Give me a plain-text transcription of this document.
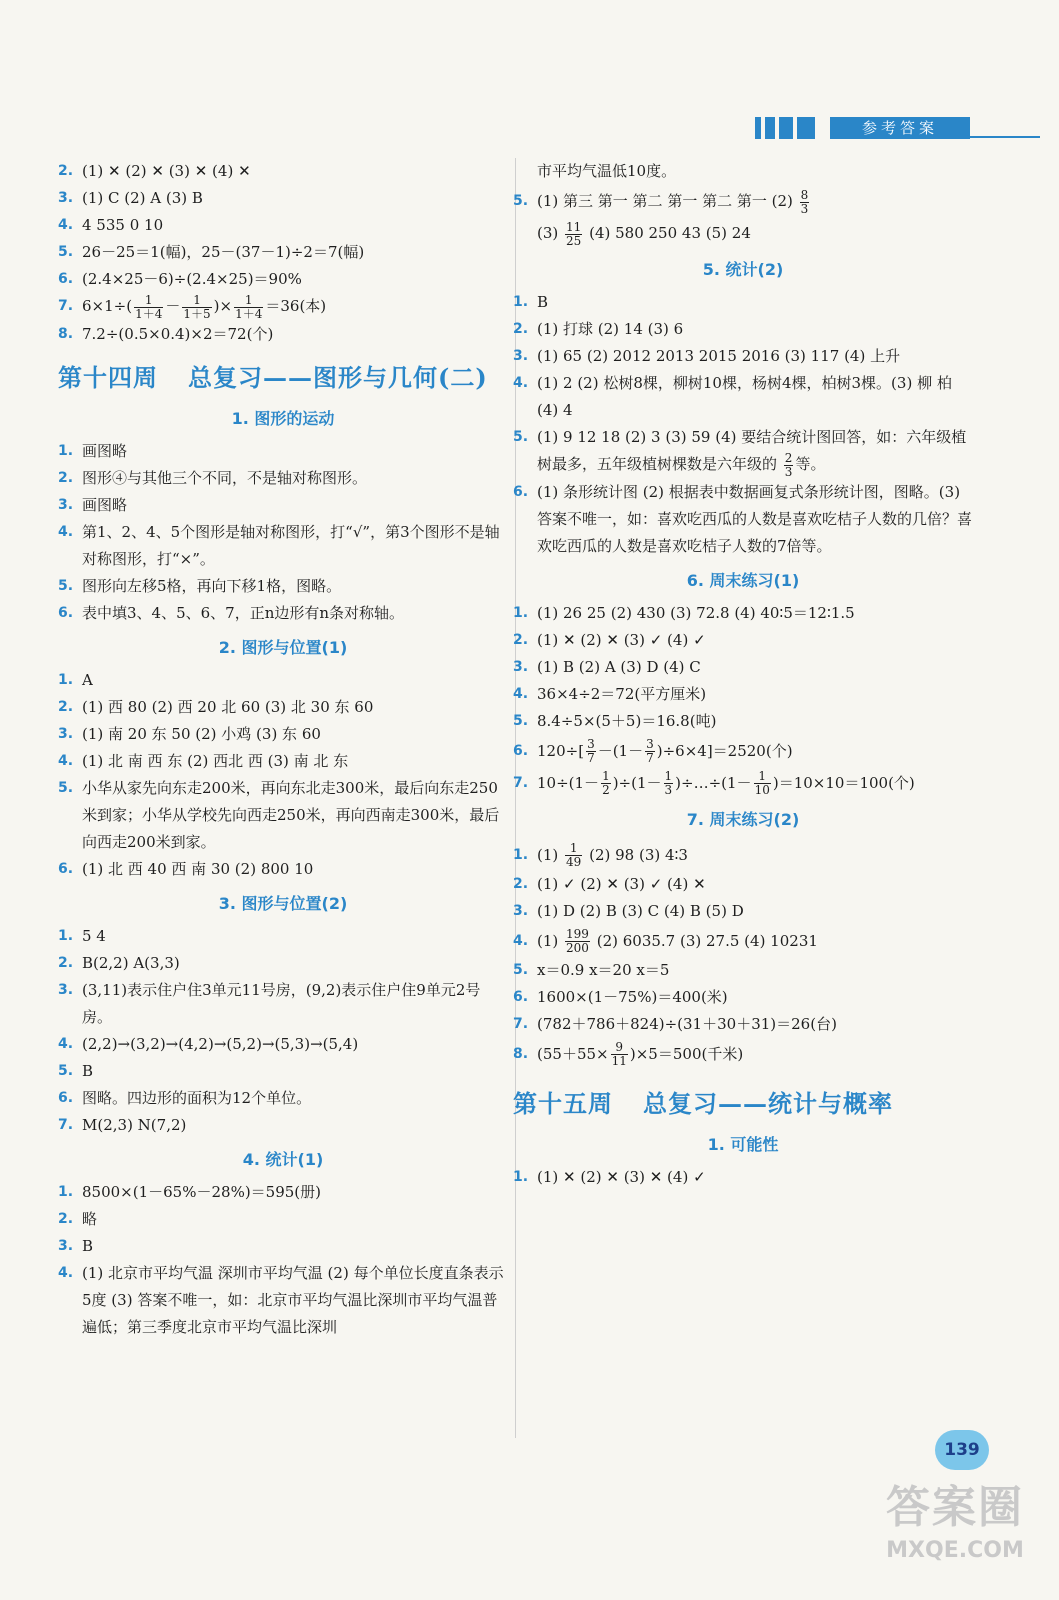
参考答案
2. (1) ✕ (2) ✕ (3) ✕ (4) ✕
3. (1) C (2) A (3) B
4. 4 535 0 10
5. 26－25＝1(幅)，25－(37－1)÷2＝7(幅)
6. (2.4×25－6)÷(2.4×25)＝90%
7. $6\times 1\div( \frac{1}{1+4} - \frac{1}{1+5}$ )× $\frac{1}{1+4} =36$(本)
8. 7.2÷(0.5×0.4)×2＝72(个)
第十四周 总复习——图形与几何(二)
1. 图形的运动
1. 画图略
2. 图形④与其他三个不同，不是轴对称图形。
3. 画图略
4. 第1、2、4、5个图形是轴对称图形，打“√”，第3个图形不是轴对称图形，打“×”。
5. 图形向左移5格，再向下移1格，图略。
6. 表中填3、4、5、6、7，正n边形有n条对称轴。
2. 图形与位置(1)
1. A
2. (1) 西 80 (2) 西 20 北 60 (3) 北 30 东 60
3. (1) 南 20 东 50 (2) 小鸡 (3) 东 60
4. (1) 北 南 西 东 (2) 西北 西 (3) 南 北 东
5. 小华从家先向东走200米，再向东北走300米，最后向东走250米到家；小华从学校先向西走250米，再向西南走300米，最后向西走200米到家。
6. (1) 北 西 40 西 南 30 (2) 800 10
3. 图形与位置(2)
1. 5 4
2. B(2,2) A(3,3)
3. (3,11)表示住户住3单元11号房，(9,2)表示住户住9单元2号房。
4. (2,2)→(3,2)→(4,2)→(5,2)→(5,3)→(5,4)
5. B
6. 图略。四边形的面积为12个单位。
7. M(2,3) N(7,2)
4. 统计(1)
1. 8500×(1－65%－28%)＝595(册)
2. 略
3. B
4. (1) 北京市平均气温 深圳市平均气温 (2) 每个单位长度直条表示5度 (3) 答案不唯一，如：北京市平均气温比深圳市平均气温普遍低；第三季度北京市平均气温比深圳
市平均气温低10度。
5. (1) 第三 第一 第二 第一 第二 第一 $(2) \frac{8}{3}$
$(3) \frac{11}{25} (4)$ 580 250 43 (5) 24
5. 统计(2)
1. B
2. (1) 打球 (2) 14 (3) 6
3. (1) 65 (2) 2012 2013 2015 2016 (3) 117 (4) 上升
4. (1) 2 (2) 松树8棵，柳树10棵，杨树4棵，柏树3棵。(3) 柳 柏 (4) 4
5. (1) 9 12 18 (2) 3 (3) 59 (4) 要结合统计图回答，如：六年级植树最多，五年级植树棵数是六年级的 $\frac{2}{3}$ 等。
6. (1) 条形统计图 (2) 根据表中数据画复式条形统计图，图略。(3) 答案不唯一，如：喜欢吃西瓜的人数是喜欢吃桔子人数的几倍？喜欢吃西瓜的人数是喜欢吃桔子人数的7倍等。
6. 周末练习(1)
1. (1) 26 25 (2) 430 (3) 72.8 (4) 40∶5＝12∶1.5
2. (1) ✕ (2) ✕ (3) ✓ (4) ✓
3. (1) B (2) A (3) D (4) C
4. 36×4÷2＝72(平方厘米)
5. 8.4÷5×(5＋5)＝16.8(吨)
6. $120\div[ \frac{3}{7} -(1- \frac{3}{7} )\div 6\times 4]=2520$(个)
7. $10\div(1- \frac{1}{2} )\div(1- \frac{1}{3}$ )÷…÷(1－ $\frac{1}{10} )=10\times 10=100$(个)
7. 周末练习(2)
1. $(1) \frac{1}{49} (2)$ 98 (3) 4∶3
2. (1) ✓ (2) ✕ (3) ✓ (4) ✕
3. (1) D (2) B (3) C (4) B (5) D
4. $(1) \frac{199}{200} (2)$ 6035.7 (3) 27.5 (4) 10231
5. x＝0.9 x＝20 x＝5
6. 1600×(1－75%)＝400(米)
7. (782＋786＋824)÷(31＋30＋31)＝26(台)
8. $(55+55\times \frac{9}{11} )\times 5=500$(千米)
第十五周 总复习——统计与概率
1. 可能性
1. (1) ✕ (2) ✕ (3) ✕ (4) ✓
139
答案圈
MXQE.COM
